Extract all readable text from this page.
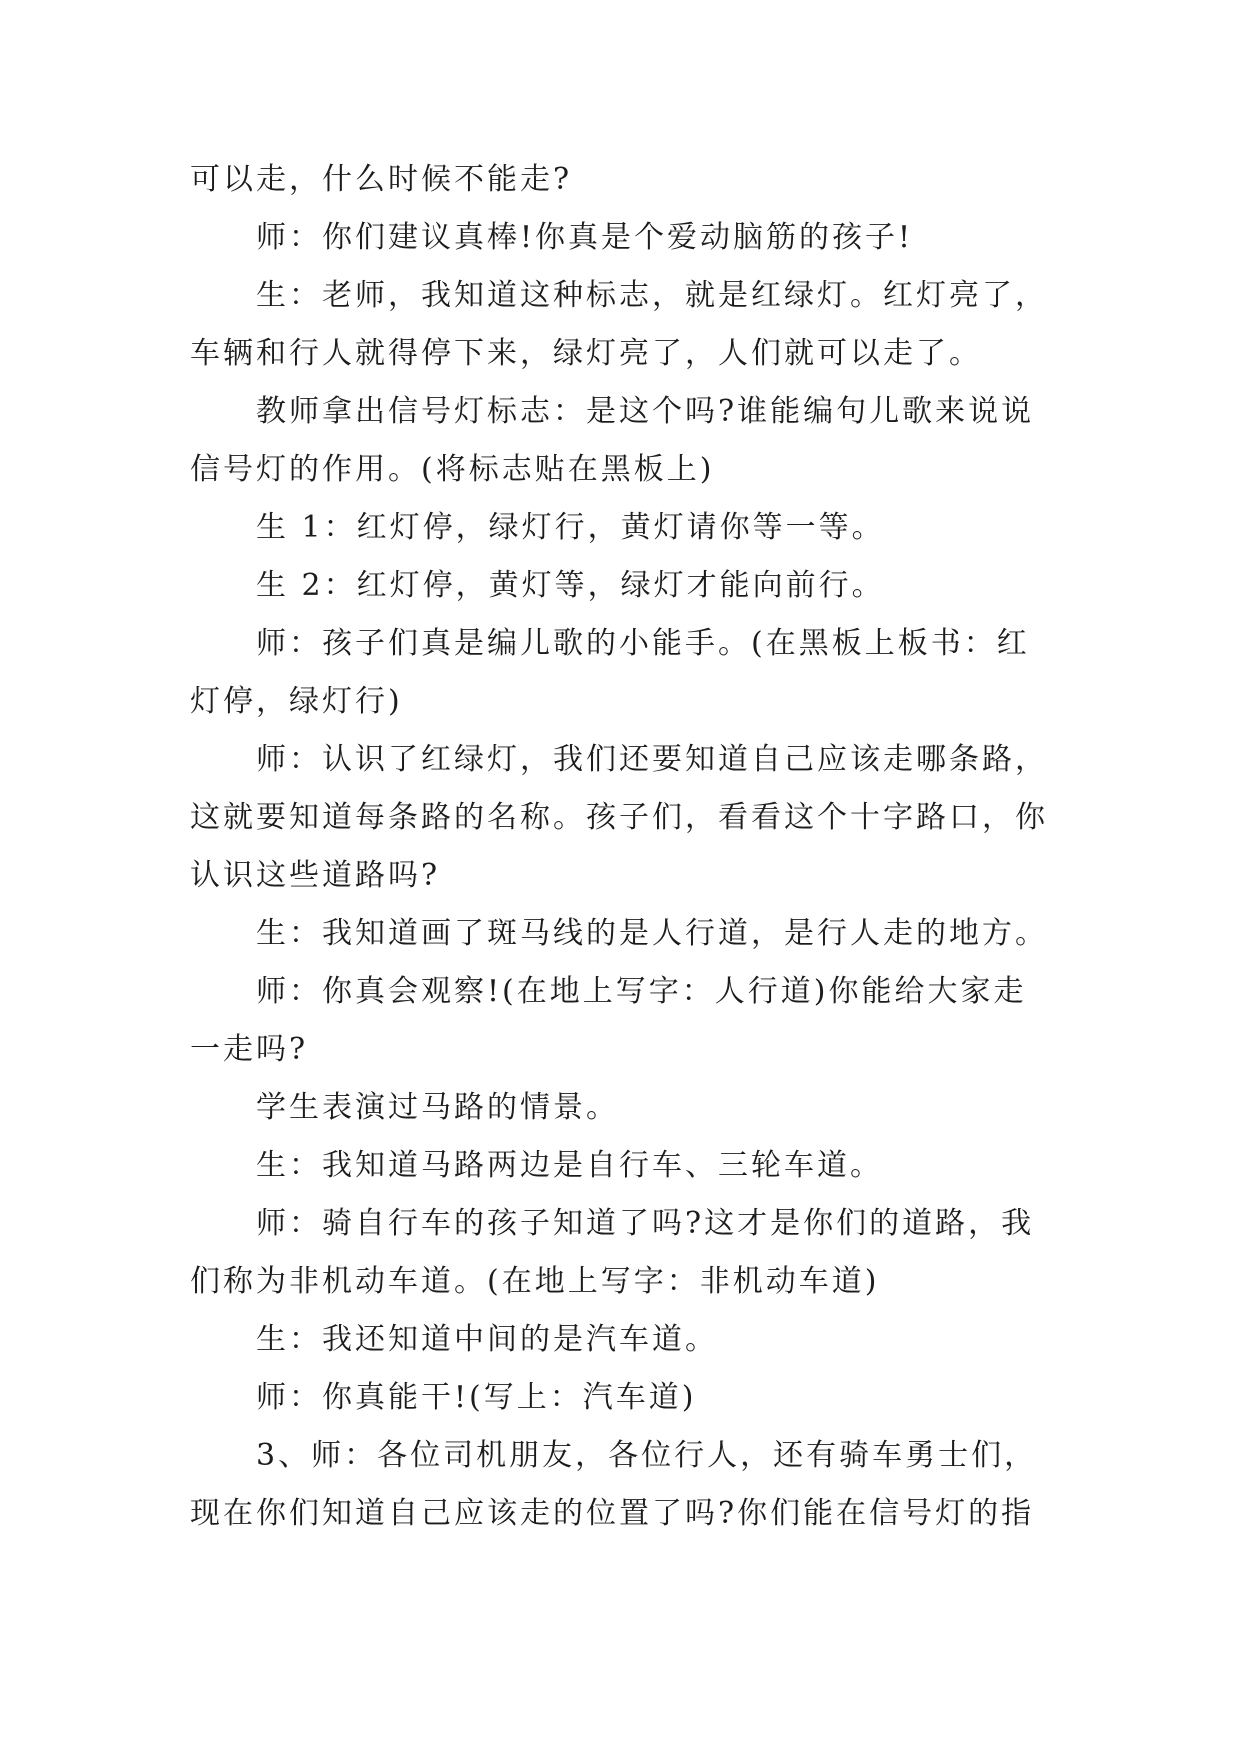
可以走，什么时候不能走?
师：你们建议真棒!你真是个爱动脑筋的孩子!
生：老师，我知道这种标志，就是红绿灯。红灯亮了，
车辆和行人就得停下来，绿灯亮了，人们就可以走了。
教师拿出信号灯标志：是这个吗?谁能编句儿歌来说说
信号灯的作用。(将标志贴在黑板上)
生 1：红灯停，绿灯行，黄灯请你等一等。
生 2：红灯停，黄灯等，绿灯才能向前行。
师：孩子们真是编儿歌的小能手。(在黑板上板书：红
灯停，绿灯行)
师：认识了红绿灯，我们还要知道自己应该走哪条路，
这就要知道每条路的名称。孩子们，看看这个十字路口，你
认识这些道路吗?
生：我知道画了斑马线的是人行道，是行人走的地方。
师：你真会观察!(在地上写字：人行道)你能给大家走
一走吗?
学生表演过马路的情景。
生：我知道马路两边是自行车、三轮车道。
师：骑自行车的孩子知道了吗?这才是你们的道路，我
们称为非机动车道。(在地上写字：非机动车道)
生：我还知道中间的是汽车道。
师：你真能干!(写上：汽车道)
3、师：各位司机朋友，各位行人，还有骑车勇士们，
现在你们知道自己应该走的位置了吗?你们能在信号灯的指
